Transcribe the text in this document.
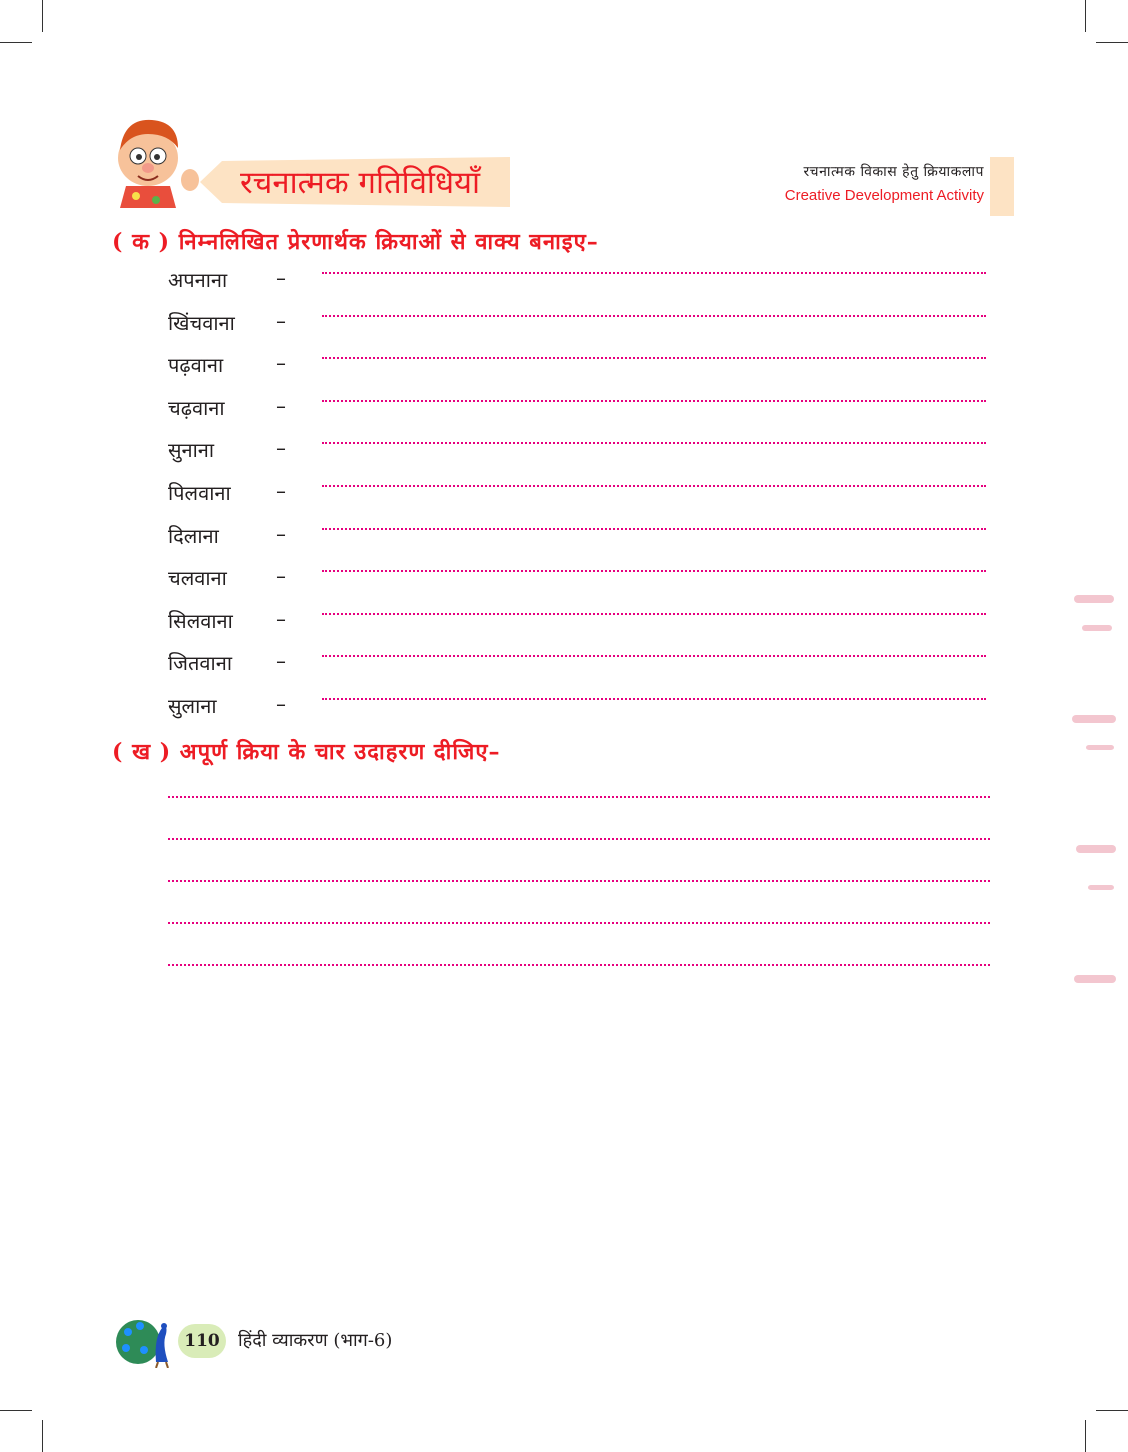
रचनात्मक गतिविधियाँ	रचनात्मक विकास हेतु क्रियाकलाप
Creative Development Activity
( क ) निम्नलिखित प्रेरणार्थक क्रियाओं से वाक्य बनाइए–
अपनाना –
खिंचवाना –
पढ़वाना	–
चढ़वाना	–
सुनाना	–
पिलवाना –
दिलाना	–
चलवाना –
सिलवाना –
जितवाना –
सुलाना	–
( ख ) अपूर्ण क्रिया के चार उदाहरण दीजिए–
110	हिंदी व्याकरण (भाग-6)
